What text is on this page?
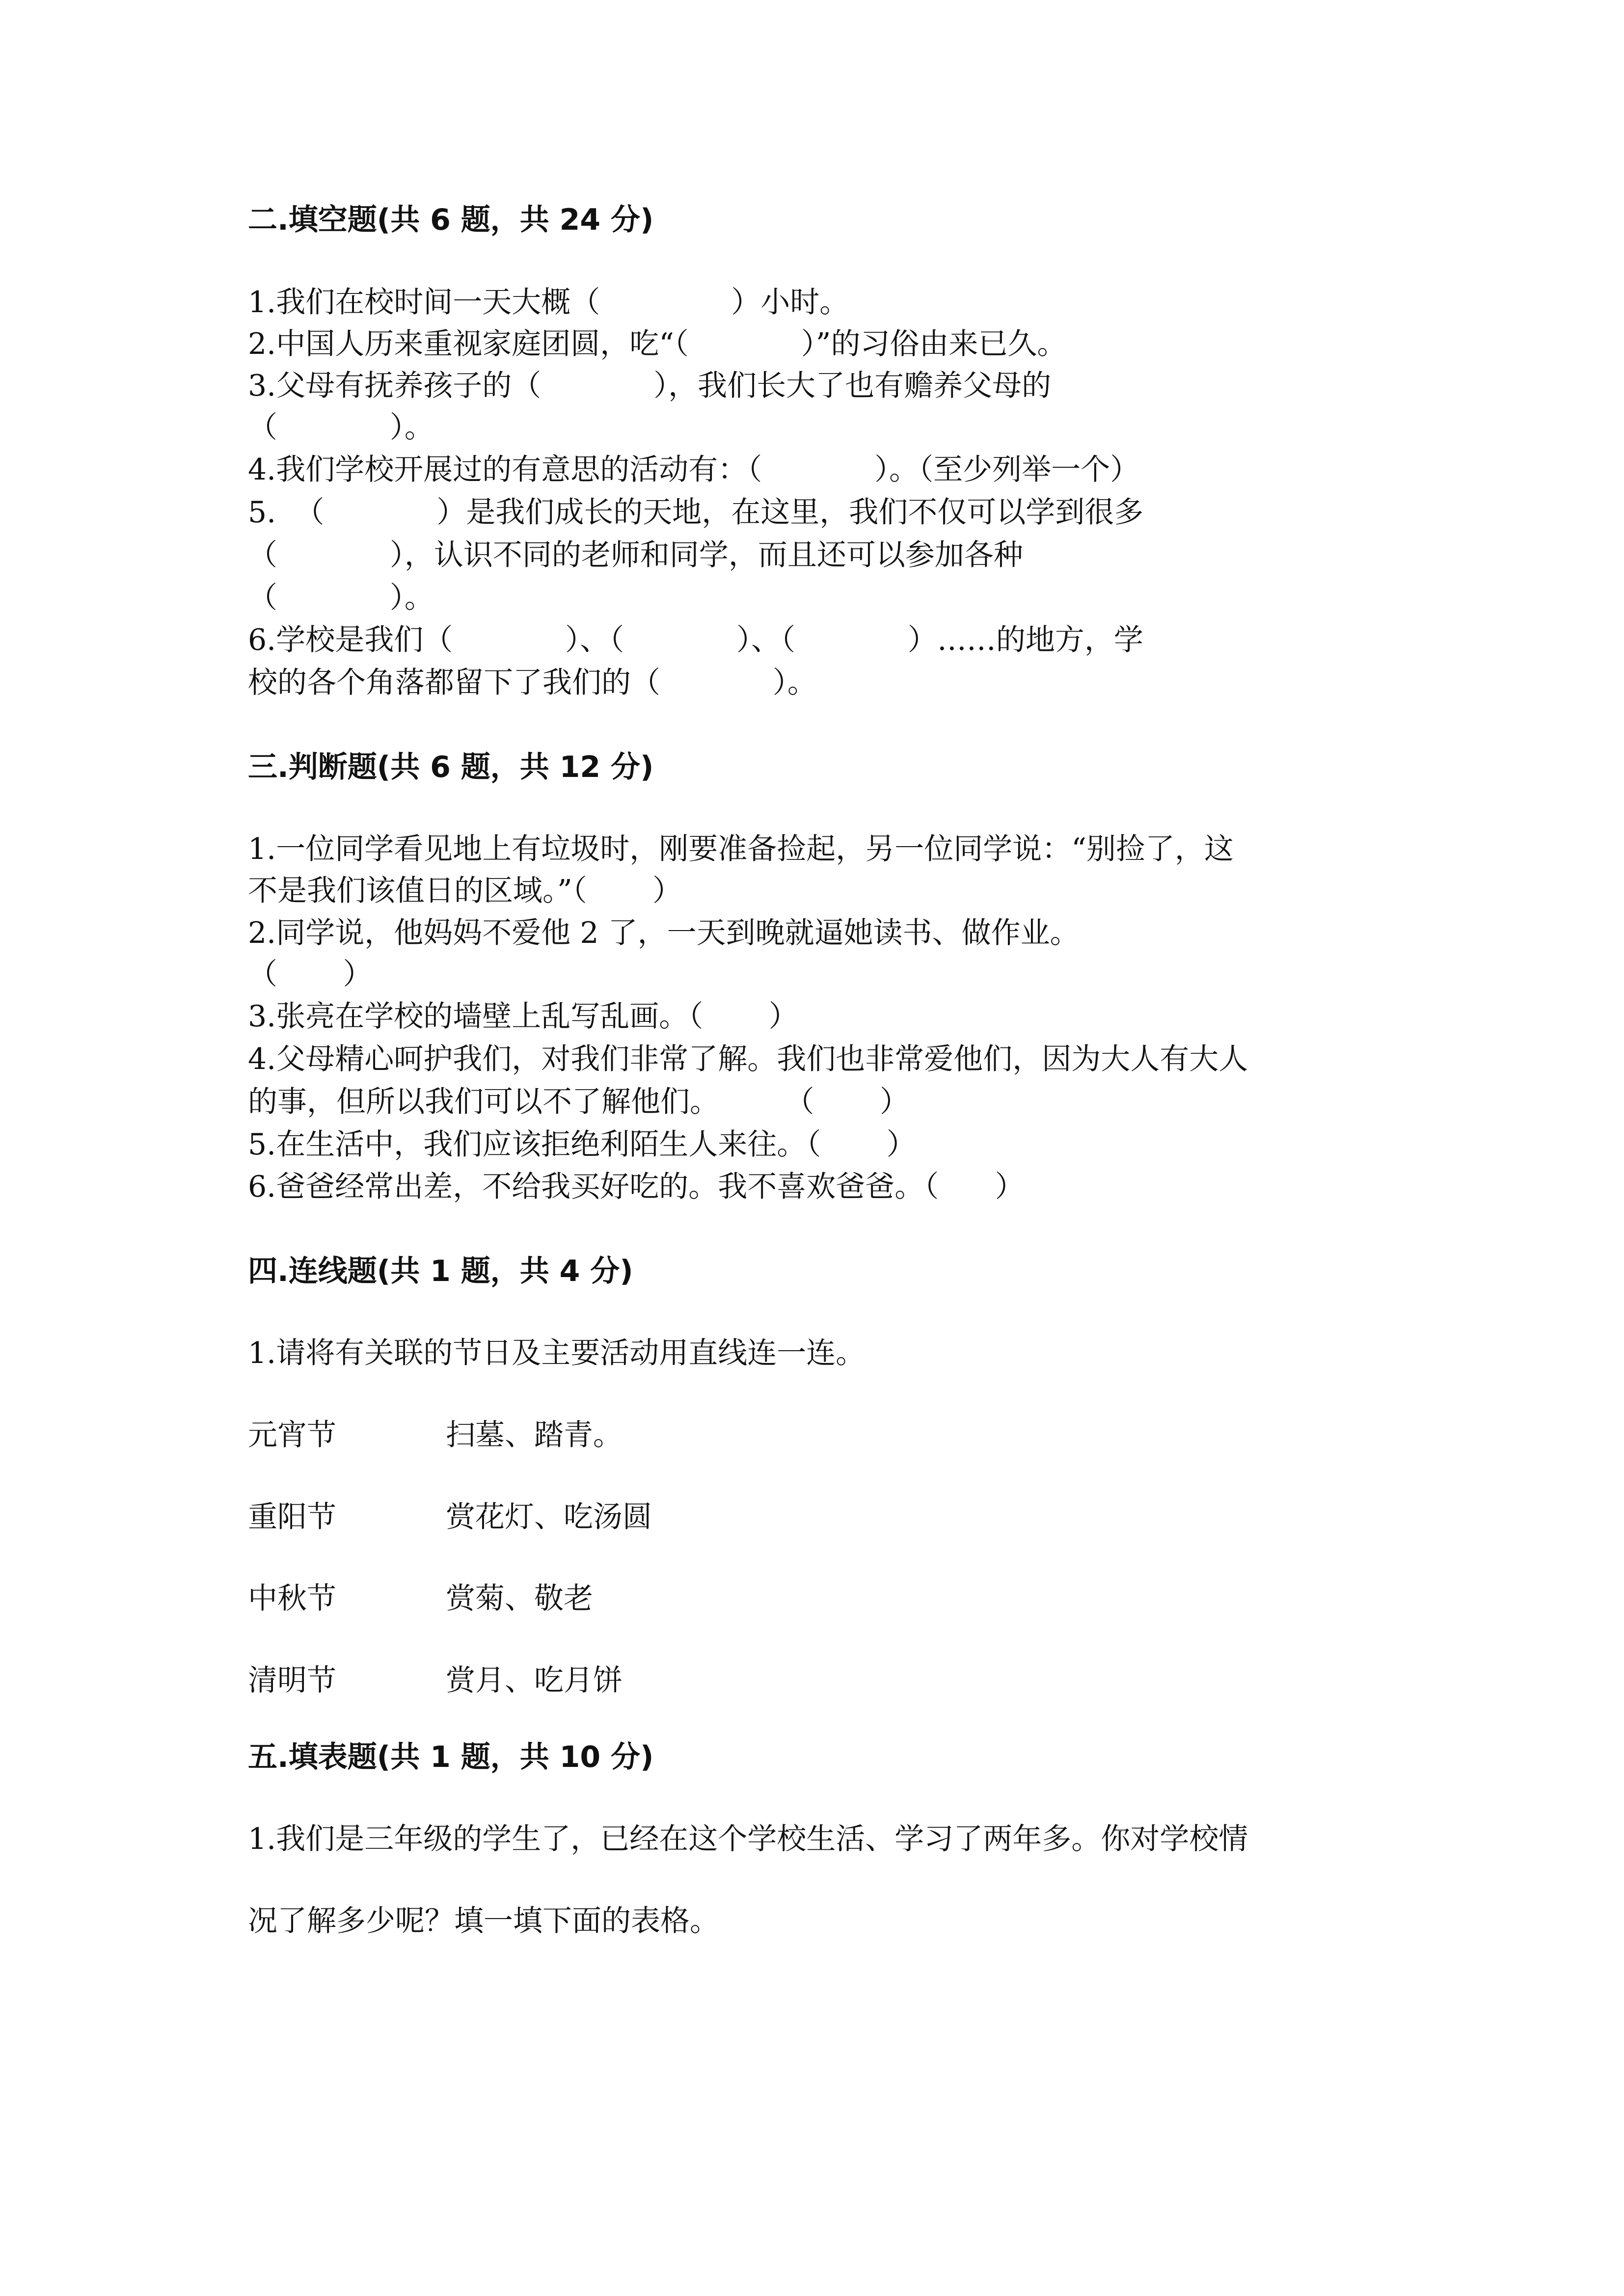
二.填空题(共 6 题，共 24 分)
1.我们在校时间一天大概（              ）小时。
2.中国人历来重视家庭团圆，吃“（            ）”的习俗由来已久。
3.父母有抚养孩子的（            ），我们长大了也有赡养父母的
（            ）。
4.我们学校开展过的有意思的活动有：（            ）。（至少列举一个）
5.  （            ）是我们成长的天地，在这里，我们不仅可以学到很多
（            ），认识不同的老师和同学，而且还可以参加各种
（            ）。
6.学校是我们（            ）、（            ）、（            ）……的地方，学
校的各个角落都留下了我们的（            ）。
三.判断题(共 6 题，共 12 分)
1.一位同学看见地上有垃圾时，刚要准备捡起，另一位同学说：“别捡了，这
不是我们该值日的区域。”（       ）
2.同学说，他妈妈不爱他 2 了，一天到晚就逼她读书、做作业。
（       ）
3.张亮在学校的墙壁上乱写乱画。（       ）
4.父母精心呵护我们，对我们非常了解。我们也非常爱他们，因为大人有大人
的事，但所以我们可以不了解他们。       （       ）
5.在生活中，我们应该拒绝利陌生人来往。（       ）
6.爸爸经常出差，不给我买好吃的。我不喜欢爸爸。（      ）
四.连线题(共 1 题，共 4 分)
1.请将有关联的节日及主要活动用直线连一连。
元宵节	扫墓、踏青。
重阳节	赏花灯、吃汤圆
中秋节	赏菊、敬老
清明节	赏月、吃月饼
五.填表题(共 1 题，共 10 分)
1.我们是三年级的学生了，已经在这个学校生活、学习了两年多。你对学校情
况了解多少呢？填一填下面的表格。
